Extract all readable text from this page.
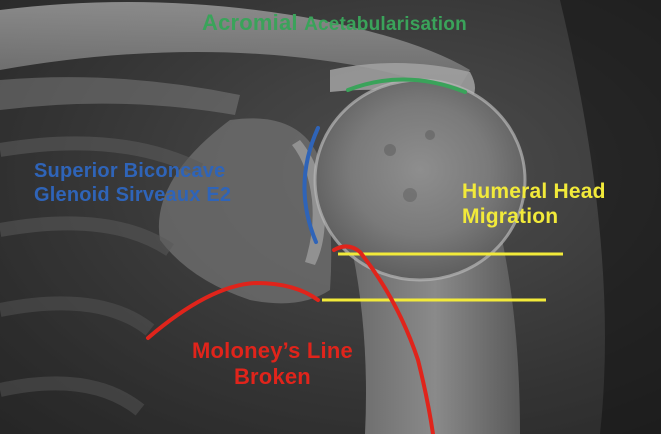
Acromial Acetabularisation
Superior Biconcave
Glenoid Sirveaux E2	Humeral Head
Migration
Moloney’s Line
Broken
